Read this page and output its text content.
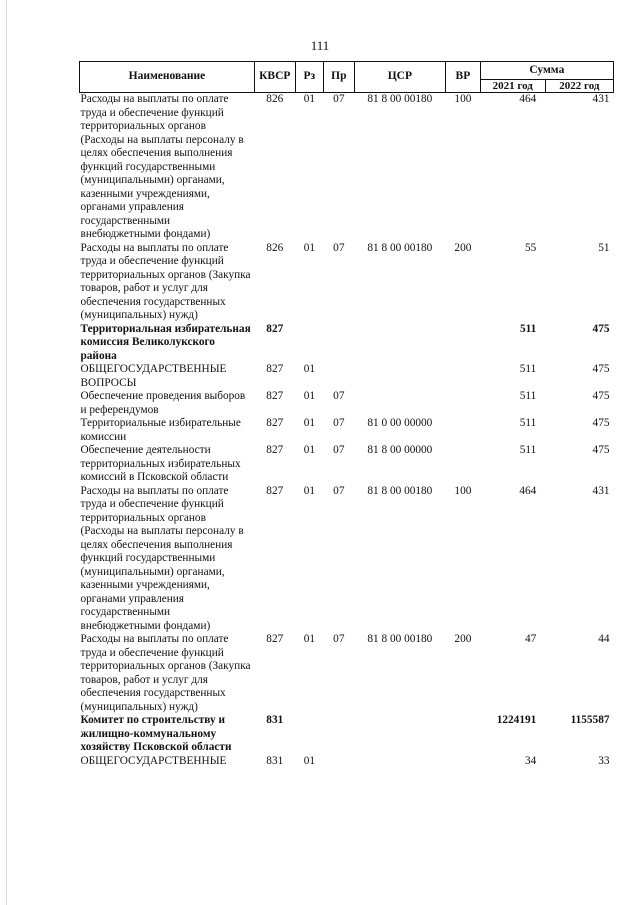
111
Наименование	КВСР	Рз	Пр	ЦСР	ВР	Сумма	
						2021 год	2022 год
Расходы на выплаты по оплате труда и обеспечение функций территориальных органов (Расходы на выплаты персоналу в целях обеспечения выполнения функций государственными (муниципальными) органами, казенными учреждениями, органами управления государственными внебюджетными фондами)	826	01	07	81 8 00 00180	100	464	431
Расходы на выплаты по оплате труда и обеспечение функций территориальных органов (Закупка товаров, работ и услуг для обеспечения государственных (муниципальных) нужд)	826	01	07	81 8 00 00180	200	55	51
Территориальная избирательная комиссия Великолукского района	827					511	475
ОБЩЕГОСУДАРСТВЕННЫЕ ВОПРОСЫ	827	01				511	475
Обеспечение проведения выборов и референдумов	827	01	07			511	475
Территориальные избирательные комиссии	827	01	07	81 0 00 00000		511	475
Обеспечение деятельности территориальных избирательных комиссий в Псковской области	827	01	07	81 8 00 00000		511	475
Расходы на выплаты по оплате труда и обеспечение функций территориальных органов (Расходы на выплаты персоналу в целях обеспечения выполнения функций государственными (муниципальными) органами, казенными учреждениями, органами управления государственными внебюджетными фондами)	827	01	07	81 8 00 00180	100	464	431
Расходы на выплаты по оплате труда и обеспечение функций территориальных органов (Закупка товаров, работ и услуг для обеспечения государственных (муниципальных) нужд)	827	01	07	81 8 00 00180	200	47	44
Комитет по строительству и жилищно-коммунальному хозяйству Псковской области	831					1224191	1155587
ОБЩЕГОСУДАРСТВЕННЫЕ	831	01				34	33
